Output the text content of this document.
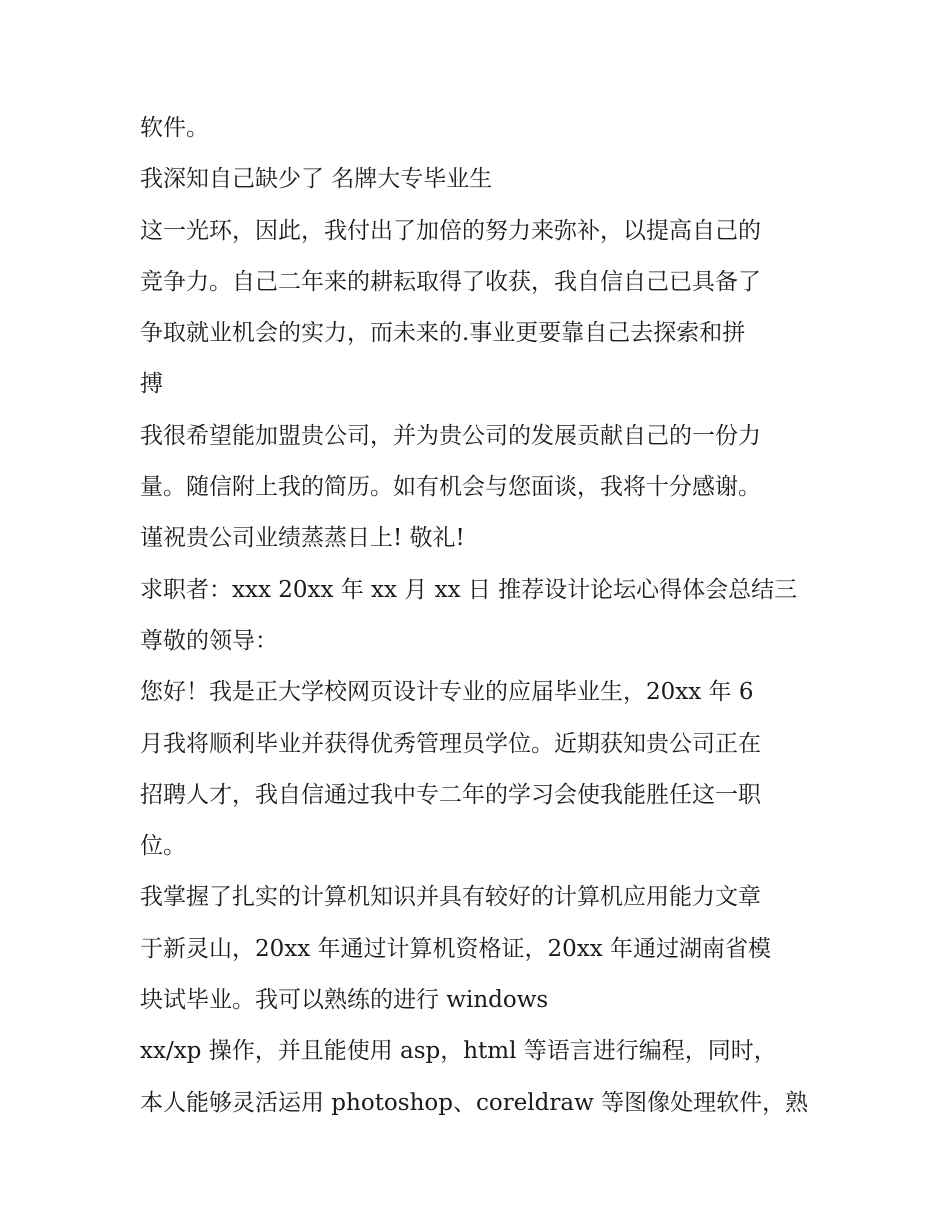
软件。
我深知自己缺少了 名牌大专毕业生
这一光环，因此，我付出了加倍的努力来弥补，以提高自己的
竞争力。自己二年来的耕耘取得了收获，我自信自己已具备了
争取就业机会的实力，而未来的.事业更要靠自己去探索和拼
搏
我很希望能加盟贵公司，并为贵公司的发展贡献自己的一份力
量。随信附上我的简历。如有机会与您面谈，我将十分感谢。
谨祝贵公司业绩蒸蒸日上! 敬礼!
求职者：xxx 20xx 年 xx 月 xx 日 推荐设计论坛心得体会总结三
尊敬的领导：
您好！我是正大学校网页设计专业的应届毕业生，20xx 年 6
月我将顺利毕业并获得优秀管理员学位。近期获知贵公司正在
招聘人才，我自信通过我中专二年的学习会使我能胜任这一职
位。
我掌握了扎实的计算机知识并具有较好的计算机应用能力文章
于新灵山，20xx 年通过计算机资格证，20xx 年通过湖南省模
块试毕业。我可以熟练的进行 windows
xx/xp 操作，并且能使用 asp，html 等语言进行编程，同时，
本人能够灵活运用 photoshop、coreldraw 等图像处理软件，熟
